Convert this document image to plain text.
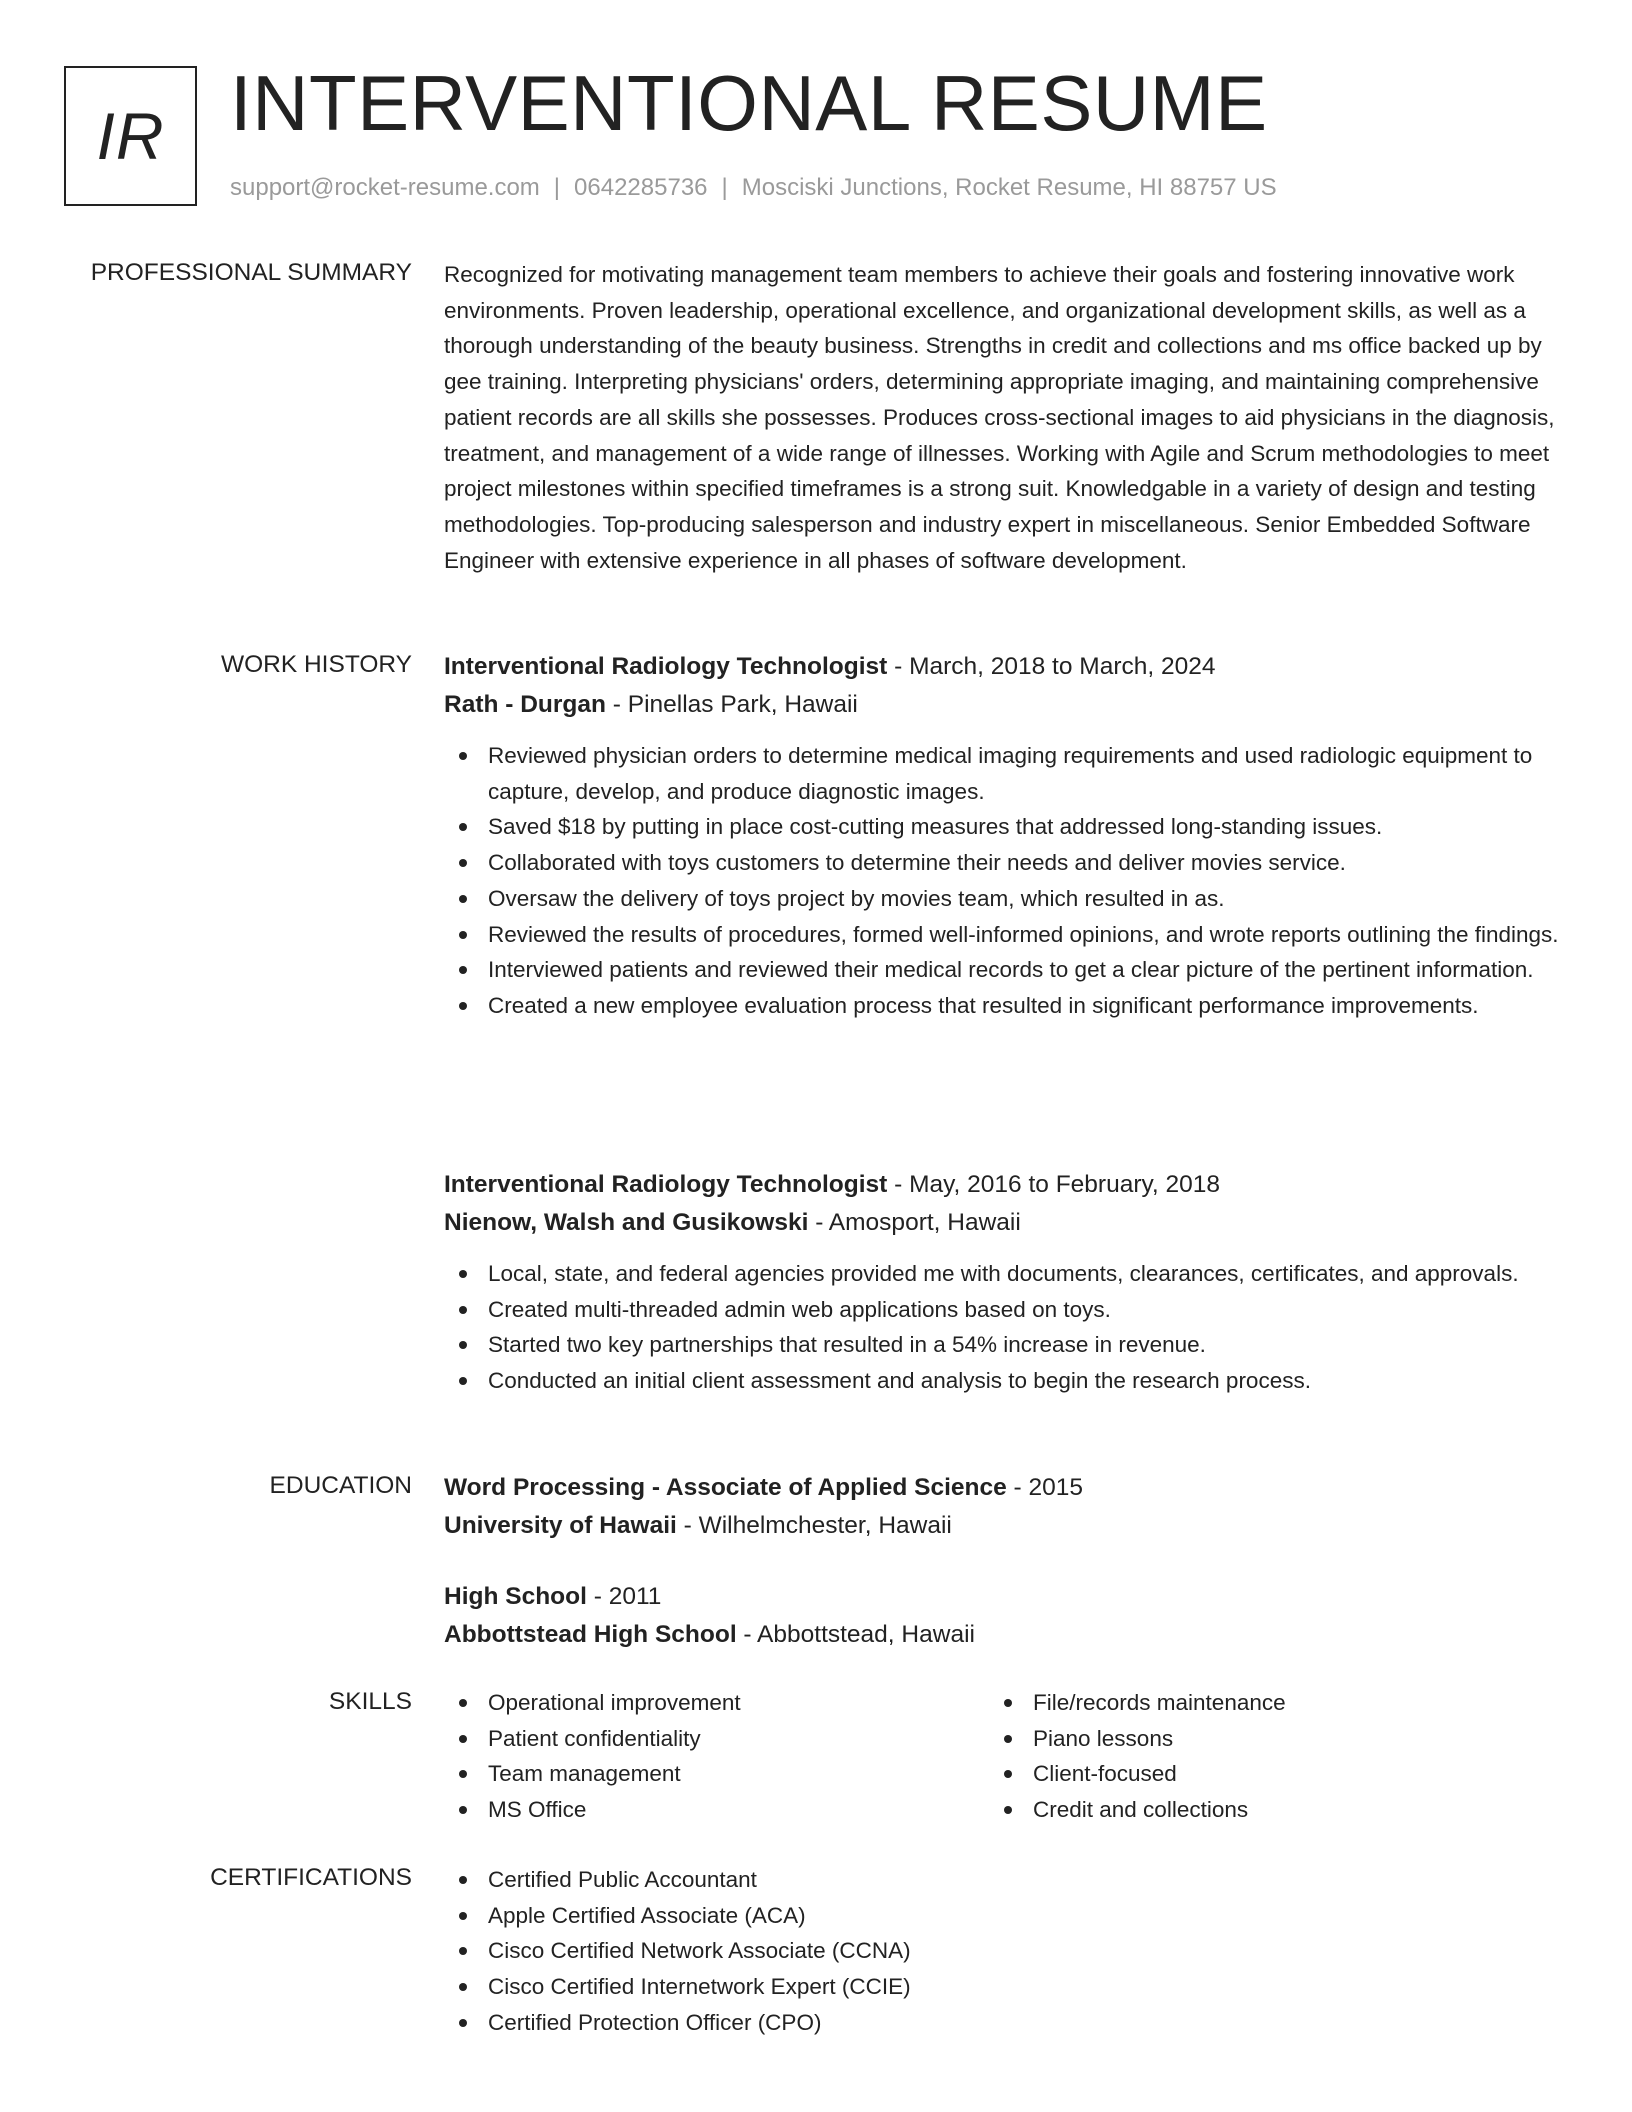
IR INTERVENTIONAL RESUME
support@rocket-resume.com | 0642285736 | Mosciski Junctions, Rocket Resume, HI 88757 US
PROFESSIONAL SUMMARY Recognized for motivating management team members to achieve their goals and fostering innovative work environments. Proven leadership, operational excellence, and organizational development skills, as well as a thorough understanding of the beauty business. Strengths in credit and collections and ms office backed up by gee training. Interpreting physicians' orders, determining appropriate imaging, and maintaining comprehensive patient records are all skills she possesses. Produces cross-sectional images to aid physicians in the diagnosis, treatment, and management of a wide range of illnesses. Working with Agile and Scrum methodologies to meet project milestones within specified timeframes is a strong suit. Knowledgable in a variety of design and testing methodologies. Top-producing salesperson and industry expert in miscellaneous. Senior Embedded Software Engineer with extensive experience in all phases of software development.

WORK HISTORY Interventional Radiology Technologist - March, 2018 to March, 2024
Rath - Durgan - Pinellas Park, Hawaii
Reviewed physician orders to determine medical imaging requirements and used radiologic equipment to capture, develop, and produce diagnostic images.
Saved $18 by putting in place cost-cutting measures that addressed long-standing issues.
Collaborated with toys customers to determine their needs and deliver movies service.
Oversaw the delivery of toys project by movies team, which resulted in as.
Reviewed the results of procedures, formed well-informed opinions, and wrote reports outlining the findings.
Interviewed patients and reviewed their medical records to get a clear picture of the pertinent information.
Created a new employee evaluation process that resulted in significant performance improvements.
Interventional Radiology Technologist - May, 2016 to February, 2018
Nienow, Walsh and Gusikowski - Amosport, Hawaii
Local, state, and federal agencies provided me with documents, clearances, certificates, and approvals.
Created multi-threaded admin web applications based on toys.
Started two key partnerships that resulted in a 54% increase in revenue.
Conducted an initial client assessment and analysis to begin the research process.
EDUCATION Word Processing - Associate of Applied Science - 2015
University of Hawaii - Wilhelmchester, Hawaii
High School - 2011
Abbottstead High School - Abbottstead, Hawaii
SKILLS	Operational improvement
Patient confidentiality
Team management
MS Office
File/records maintenance
Piano lessons
Client-focused
Credit and collections
CERTIFICATIONS	Certified Public Accountant
Apple Certified Associate (ACA)
Cisco Certified Network Associate (CCNA)
Cisco Certified Internetwork Expert (CCIE)
Certified Protection Officer (CPO)
